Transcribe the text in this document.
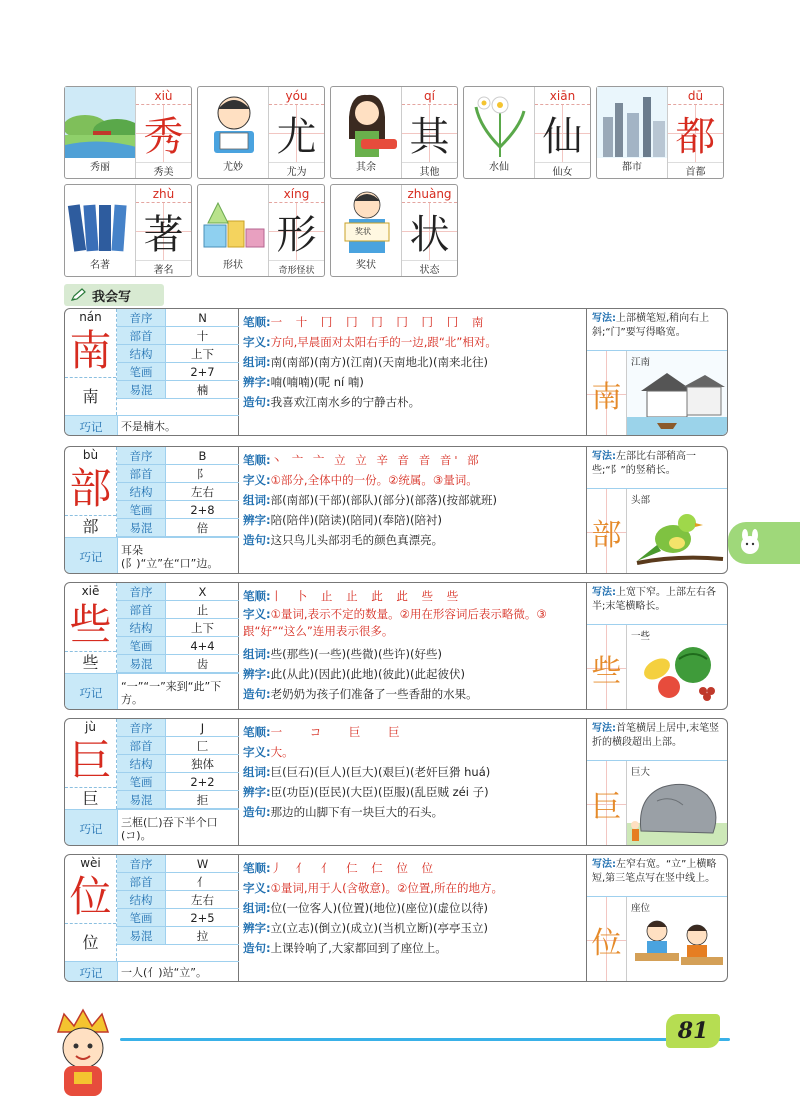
秀丽
xiù
秀
秀美	尤妙
yóu
尤
尤为	其余
qí
其
其他	水仙
xiān
仙
仙女	都市
dū
都
首都
名著
zhù
著
著名	形状
xíng
形
奇形怪状
奖状
奖状
zhuàng
状
状态
我会写
nán
南
南
音序	N
部首	十
结构	上下
笔画	2+7
易混	楠
巧记	不是楠木。
笔顺:一 十 冂 冂 冂 冂 冂 冂 南
字义:方向,早晨面对太阳右手的一边,跟“北”相对。
组词:南(南部)(南方)(江南)(天南地北)(南来北往)
辨字:喃(喃喃)(呢 ní 喃)
造句:我喜欢江南水乡的宁静古朴。
写法:上部横笔短,稍向右上斜;“门”要写得略宽。
南
江南
bù
部
部
音序	B
部首	阝
结构	左右
笔画	2+8
易混	倍
巧记	耳朵(阝)“立”在“口”边。
笔顺:丶 亠 亠 立 立 辛 音 音 音' 部
字义:①部分,全体中的一份。②统属。③量词。
组词:部(南部)(干部)(部队)(部分)(部落)(按部就班)
辨字:陪(陪伴)(陪读)(陪同)(奉陪)(陪衬)
造句:这只鸟儿头部羽毛的颜色真漂亮。
写法:左部比右部稍高一些;“阝”的竖稍长。
部
头部
xiē
些
些
音序	X
部首	止
结构	上下
笔画	4+4
易混	齿
巧记	“一”“一”来到“此”下方。
笔顺:丨 卜 止 止 此 此 些 些
字义:①量词,表示不定的数量。②用在形容词后表示略微。③跟“好”“这么”连用表示很多。
组词:些(那些)(一些)(些微)(些许)(好些)
辨字:此(从此)(因此)(此地)(彼此)(此起彼伏)
造句:老奶奶为孩子们准备了一些香甜的水果。
写法:上宽下窄。上部左右各半;末笔横略长。
些
一些
jù
巨
巨
音序	J
部首	匚
结构	独体
笔画	2+2
易混	拒
巧记	三框(匚)吞下半个口(コ)。
笔顺:一 コ 巨 巨
字义:大。
组词:巨(巨石)(巨人)(巨大)(艰巨)(老奸巨猾 huá)
辨字:臣(功臣)(臣民)(大臣)(臣服)(乱臣贼 zéi 子)
造句:那边的山脚下有一块巨大的石头。
写法:首笔横居上居中,末笔竖折的横段超出上部。
巨
巨大
wèi
位
位
音序	W
部首	亻
结构	左右
笔画	2+5
易混	拉
巧记	一人(亻)站“立”。
笔顺:丿 亻 亻 仁 仁 位 位
字义:①量词,用于人(含敬意)。②位置,所在的地方。
组词:位(一位客人)(位置)(地位)(座位)(虚位以待)
辨字:立(立志)(倒立)(成立)(当机立断)(亭亭玉立)
造句:上课铃响了,大家都回到了座位上。
写法:左窄右宽。“立”上横略短,第三笔点写在竖中线上。
位
座位
81
